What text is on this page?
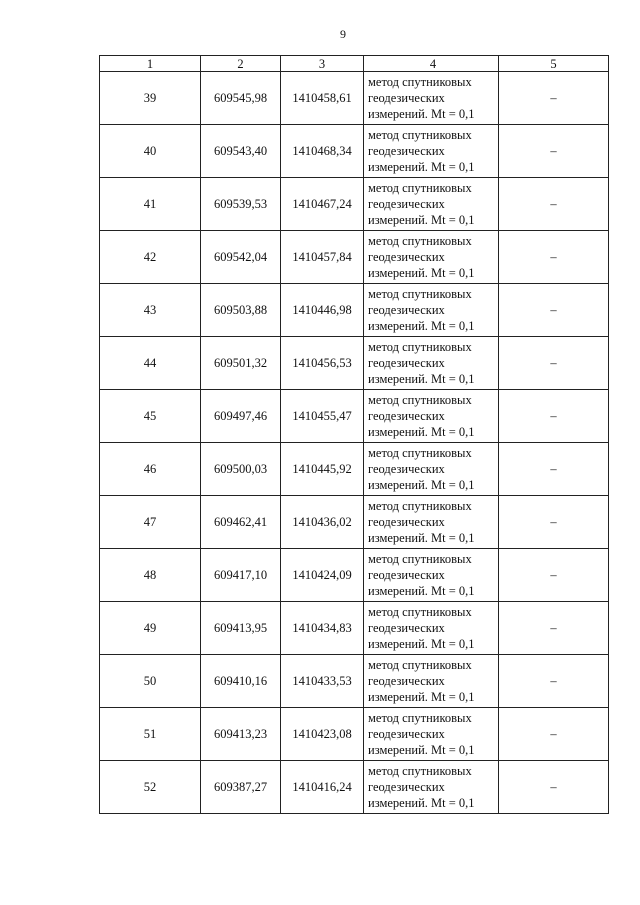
9
1	2	3	4	5
39	609545,98	1410458,61	метод спутниковых
геодезических
измерений. Mt = 0,1	–
40	609543,40	1410468,34	метод спутниковых
геодезических
измерений. Mt = 0,1	–
41	609539,53	1410467,24	метод спутниковых
геодезических
измерений. Mt = 0,1	–
42	609542,04	1410457,84	метод спутниковых
геодезических
измерений. Mt = 0,1	–
43	609503,88	1410446,98	метод спутниковых
геодезических
измерений. Mt = 0,1	–
44	609501,32	1410456,53	метод спутниковых
геодезических
измерений. Mt = 0,1	–
45	609497,46	1410455,47	метод спутниковых
геодезических
измерений. Mt = 0,1	–
46	609500,03	1410445,92	метод спутниковых
геодезических
измерений. Mt = 0,1	–
47	609462,41	1410436,02	метод спутниковых
геодезических
измерений. Mt = 0,1	–
48	609417,10	1410424,09	метод спутниковых
геодезических
измерений. Mt = 0,1	–
49	609413,95	1410434,83	метод спутниковых
геодезических
измерений. Mt = 0,1	–
50	609410,16	1410433,53	метод спутниковых
геодезических
измерений. Mt = 0,1	–
51	609413,23	1410423,08	метод спутниковых
геодезических
измерений. Mt = 0,1	–
52	609387,27	1410416,24	метод спутниковых
геодезических
измерений. Mt = 0,1	–
